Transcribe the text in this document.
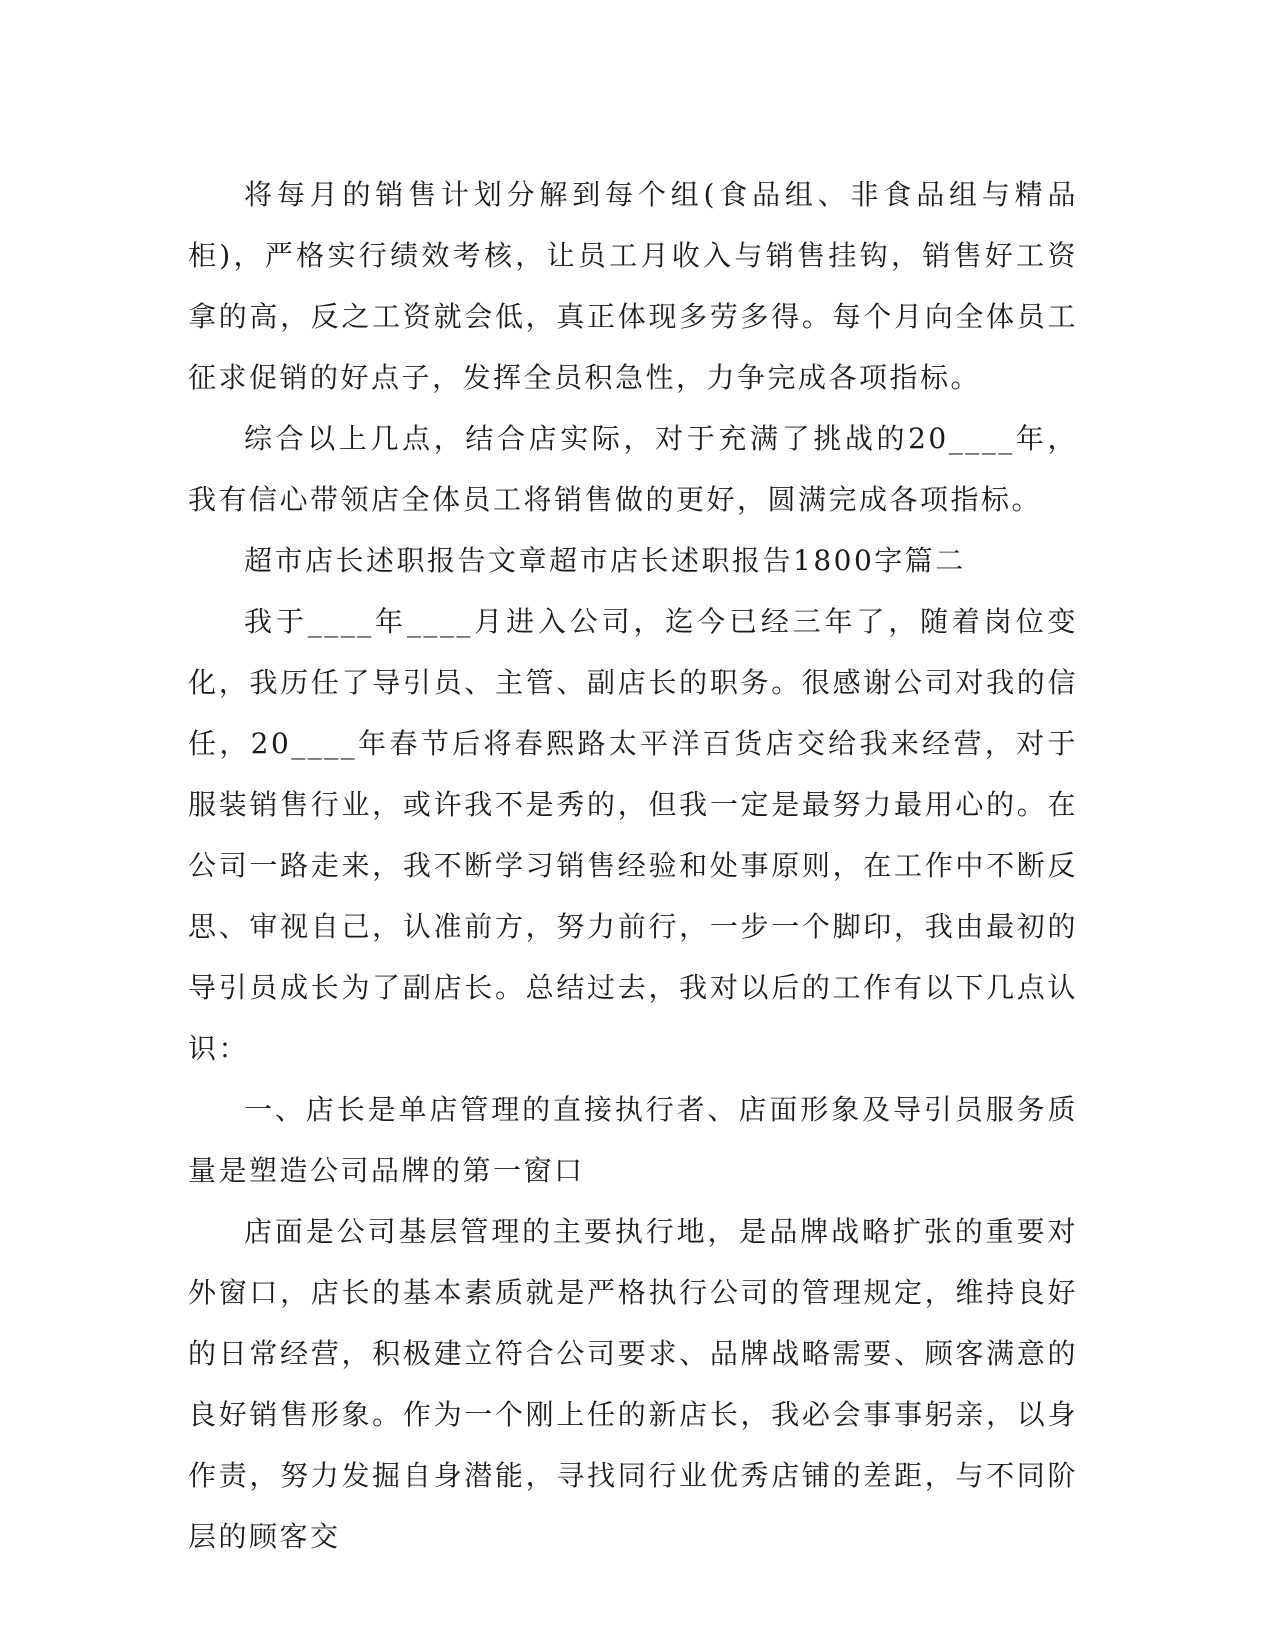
将每月的销售计划分解到每个组(食品组、非食品组与精品柜)，严格实行绩效考核，让员工月收入与销售挂钩，销售好工资拿的高，反之工资就会低，真正体现多劳多得。每个月向全体员工征求促销的好点子，发挥全员积急性，力争完成各项指标。

综合以上几点，结合店实际，对于充满了挑战的20____年，我有信心带领店全体员工将销售做的更好，圆满完成各项指标。

超市店长述职报告文章超市店长述职报告1800字篇二

我于____年____月进入公司，迄今已经三年了，随着岗位变化，我历任了导引员、主管、副店长的职务。很感谢公司对我的信任，20____年春节后将春熙路太平洋百货店交给我来经营，对于服装销售行业，或许我不是秀的，但我一定是最努力最用心的。在公司一路走来，我不断学习销售经验和处事原则，在工作中不断反思、审视自己，认准前方，努力前行，一步一个脚印，我由最初的导引员成长为了副店长。总结过去，我对以后的工作有以下几点认识：

一、店长是单店管理的直接执行者、店面形象及导引员服务质量是塑造公司品牌的第一窗口

店面是公司基层管理的主要执行地，是品牌战略扩张的重要对外窗口，店长的基本素质就是严格执行公司的管理规定，维持良好的日常经营，积极建立符合公司要求、品牌战略需要、顾客满意的良好销售形象。作为一个刚上任的新店长，我必会事事躬亲，以身作责，努力发掘自身潜能，寻找同行业优秀店铺的差距，与不同阶层的顾客交
